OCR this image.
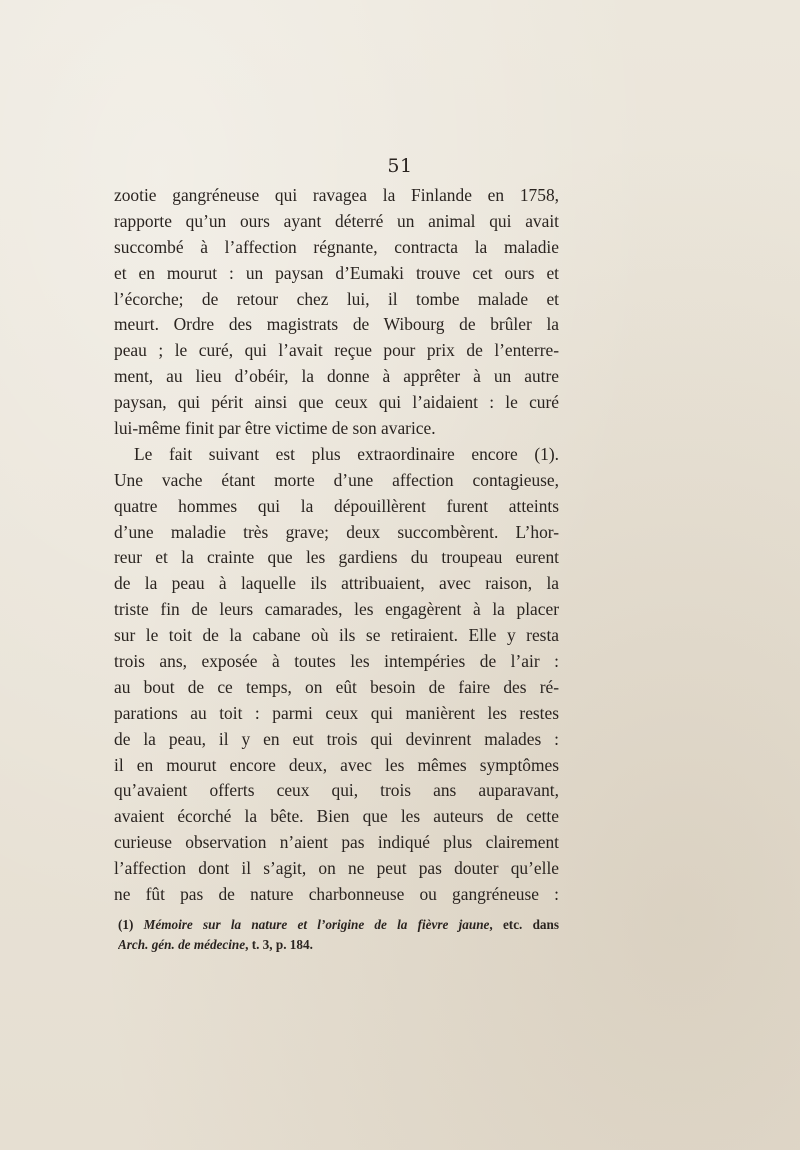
51
zootie gangréneuse qui ravagea la Finlande en 1758,
rapporte qu’un ours ayant déterré un animal qui avait
succombé à l’affection régnante, contracta la maladie
et en mourut : un paysan d’Eumaki trouve cet ours et
l’écorche; de retour chez lui, il tombe malade et
meurt. Ordre des magistrats de Wibourg de brûler la
peau ; le curé, qui l’avait reçue pour prix de l’enterre-
ment, au lieu d’obéir, la donne à apprêter à un autre
paysan, qui périt ainsi que ceux qui l’aidaient : le curé
lui-même finit par être victime de son avarice.
Le fait suivant est plus extraordinaire encore (1).
Une vache étant morte d’une affection contagieuse,
quatre hommes qui la dépouillèrent furent atteints
d’une maladie très grave; deux succombèrent. L’hor-
reur et la crainte que les gardiens du troupeau eurent
de la peau à laquelle ils attribuaient, avec raison, la
triste fin de leurs camarades, les engagèrent à la placer
sur le toit de la cabane où ils se retiraient. Elle y resta
trois ans, exposée à toutes les intempéries de l’air :
au bout de ce temps, on eût besoin de faire des ré-
parations au toit : parmi ceux qui manièrent les restes
de la peau, il y en eut trois qui devinrent malades :
il en mourut encore deux, avec les mêmes symptômes
qu’avaient offerts ceux qui, trois ans auparavant,
avaient écorché la bête. Bien que les auteurs de cette
curieuse observation n’aient pas indiqué plus clairement
l’affection dont il s’agit, on ne peut pas douter qu’elle
ne fût pas de nature charbonneuse ou gangréneuse :
(1) Mémoire sur la nature et l’origine de la fièvre jaune, etc. dans
Arch. gén. de médecine, t. 3, p. 184.
